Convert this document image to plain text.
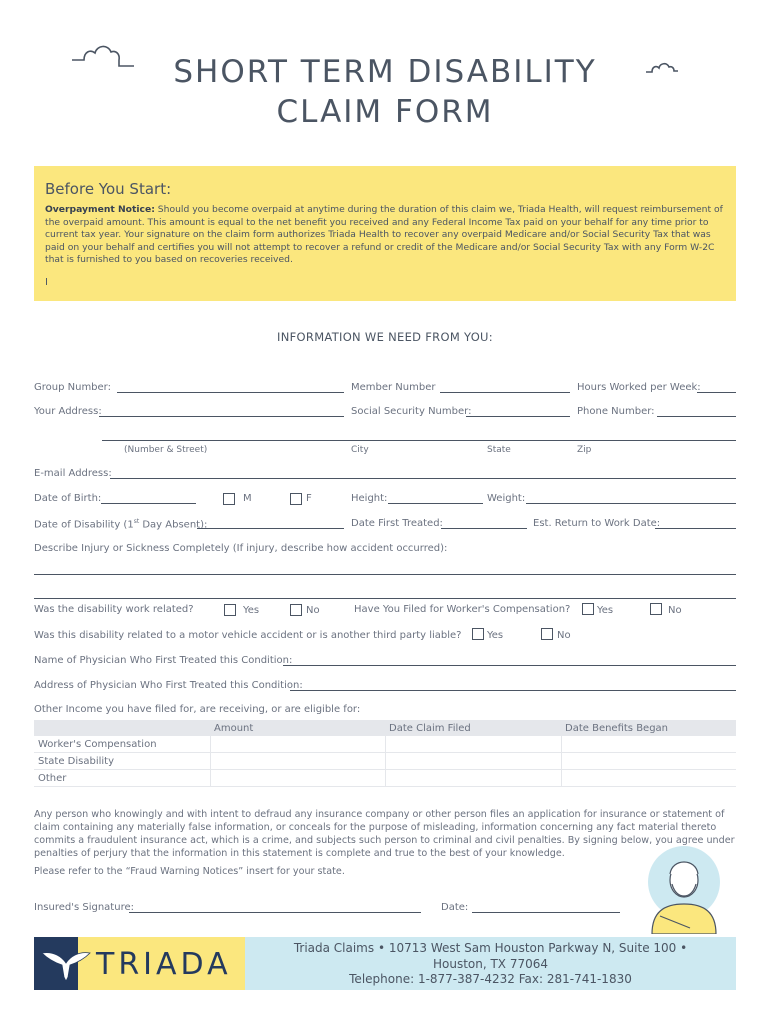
SHORT TERM DISABILITY
CLAIM FORM
Before You Start:
Overpayment Notice: Should you become overpaid at anytime during the duration of this claim we, Triada Health, will request reimbursement of the overpaid amount. This amount is equal to the net benefit you received and any Federal Income Tax paid on your behalf for any time prior to current tax year. Your signature on the claim form authorizes Triada Health to recover any overpaid Medicare and/or Social Security Tax that was paid on your behalf and certifies you will not attempt to recover a refund or credit of the Medicare and/or Social Security Tax with any Form W-2C that is furnished to you based on recoveries received.
I
INFORMATION WE NEED FROM YOU:
Group Number:	Member Number	Hours Worked per Week:
Your Address:	Social Security Number:	Phone Number:
(Number & Street)	City	State	Zip
E-mail Address:
Date of Birth:	M	F	Height:	Weight:
Date of Disability (1st Day Absent):	Date First Treated:	Est. Return to Work Date:
Describe Injury or Sickness Completely (If injury, describe how accident occurred):
Was the disability work related?	Yes	No	Have You Filed for Worker's Compensation?	Yes	No
Was this disability related to a motor vehicle accident or is another third party liable?	Yes	No
Name of Physician Who First Treated this Condition:
Address of Physician Who First Treated this Condition:
Other Income you have filed for, are receiving, or are eligible for:
	Amount	Date Claim Filed	Date Benefits Began
Worker's Compensation			
State Disability			
Other			
Any person who knowingly and with intent to defraud any insurance company or other person files an application for insurance or statement of claim containing any materially false information, or conceals for the purpose of misleading, information concerning any fact material thereto commits a fraudulent insurance act, which is a crime, and subjects such person to criminal and civil penalties. By signing below, you agree under penalties of perjury that the information in this statement is complete and true to the best of your knowledge.
Please refer to the “Fraud Warning Notices” insert for your state.
Insured's Signature:	Date:
TRIADA	Triada Claims • 10713 West Sam Houston Parkway N, Suite 100 •
Houston, TX 77064
Telephone: 1-877-387-4232 Fax: 281-741-1830
